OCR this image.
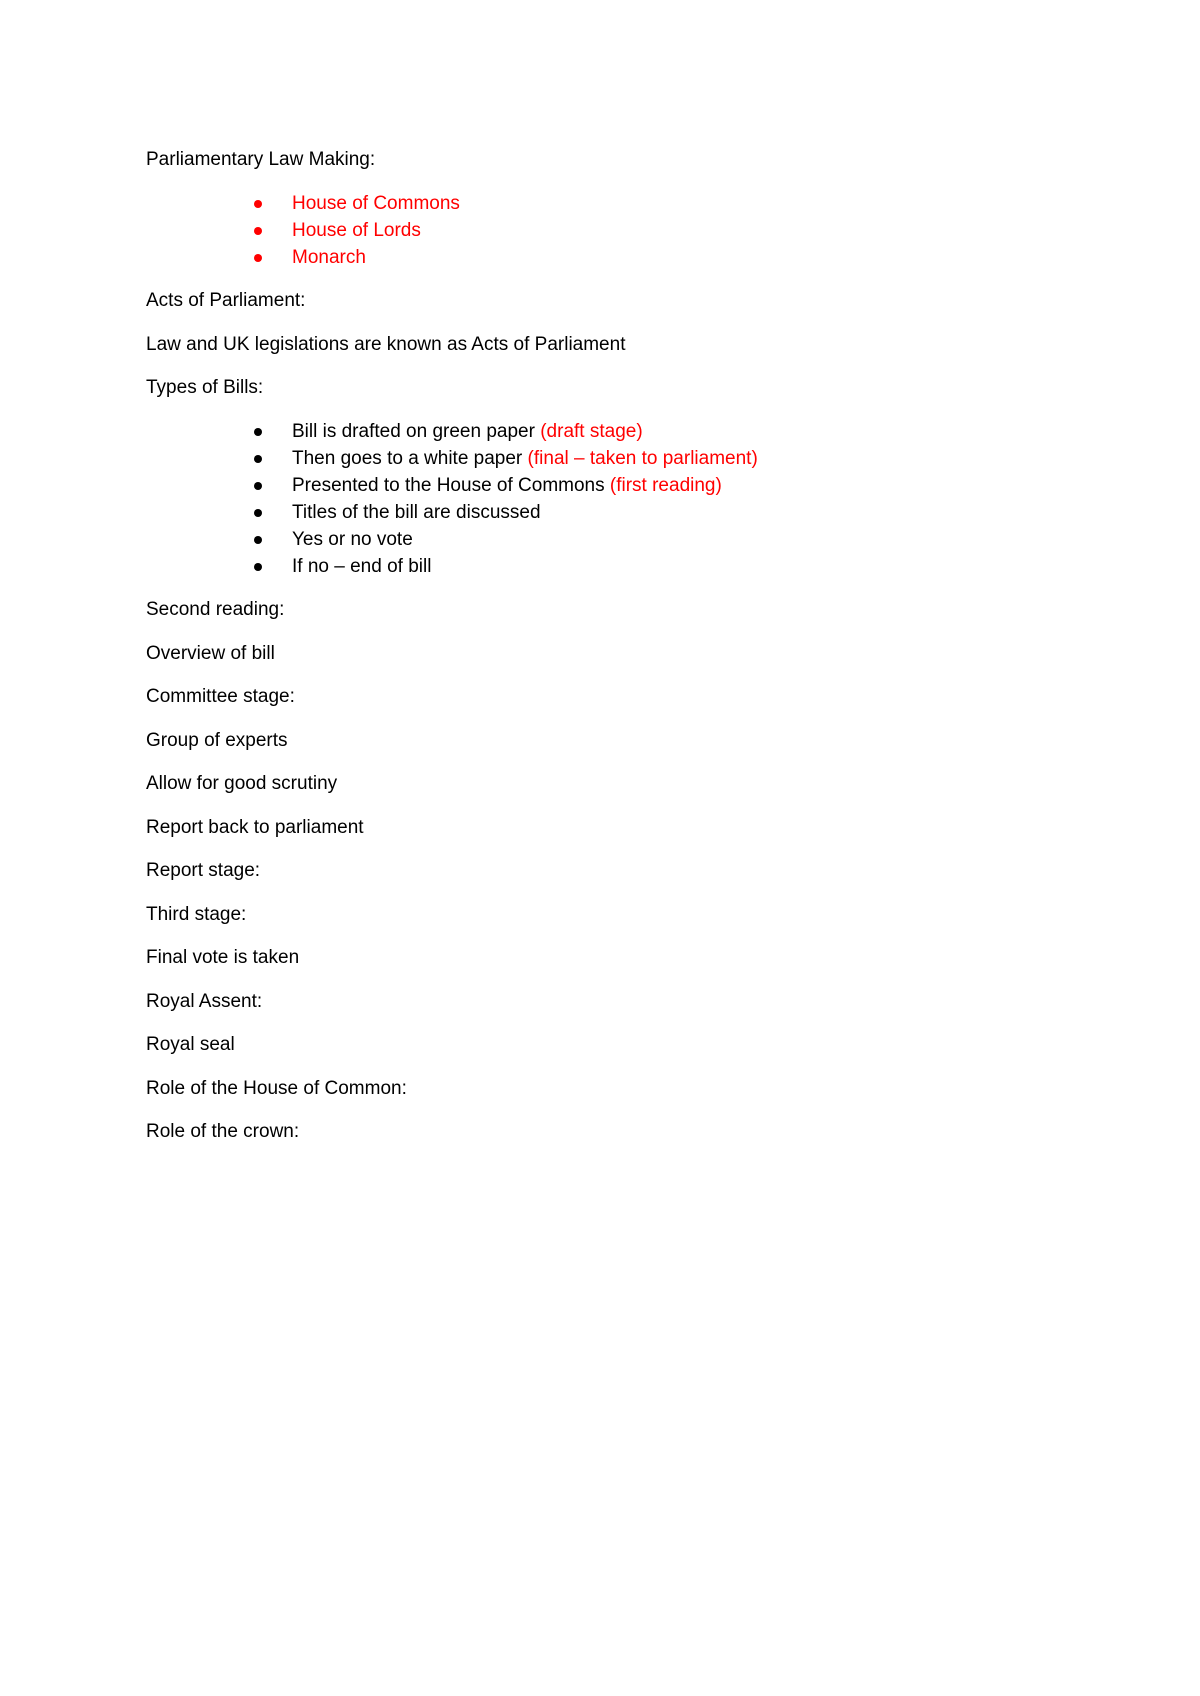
Parliamentary Law Making:

House of Commons
House of Lords
Monarch

Acts of Parliament:

Law and UK legislations are known as Acts of Parliament

Types of Bills:

Bill is drafted on green paper (draft stage)
Then goes to a white paper (final – taken to parliament)
Presented to the House of Commons (first reading)
Titles of the bill are discussed
Yes or no vote
If no – end of bill

Second reading:

Overview of bill

Committee stage:

Group of experts

Allow for good scrutiny

Report back to parliament

Report stage:

Third stage:

Final vote is taken

Royal Assent:

Royal seal

Role of the House of Common:

Role of the crown:
